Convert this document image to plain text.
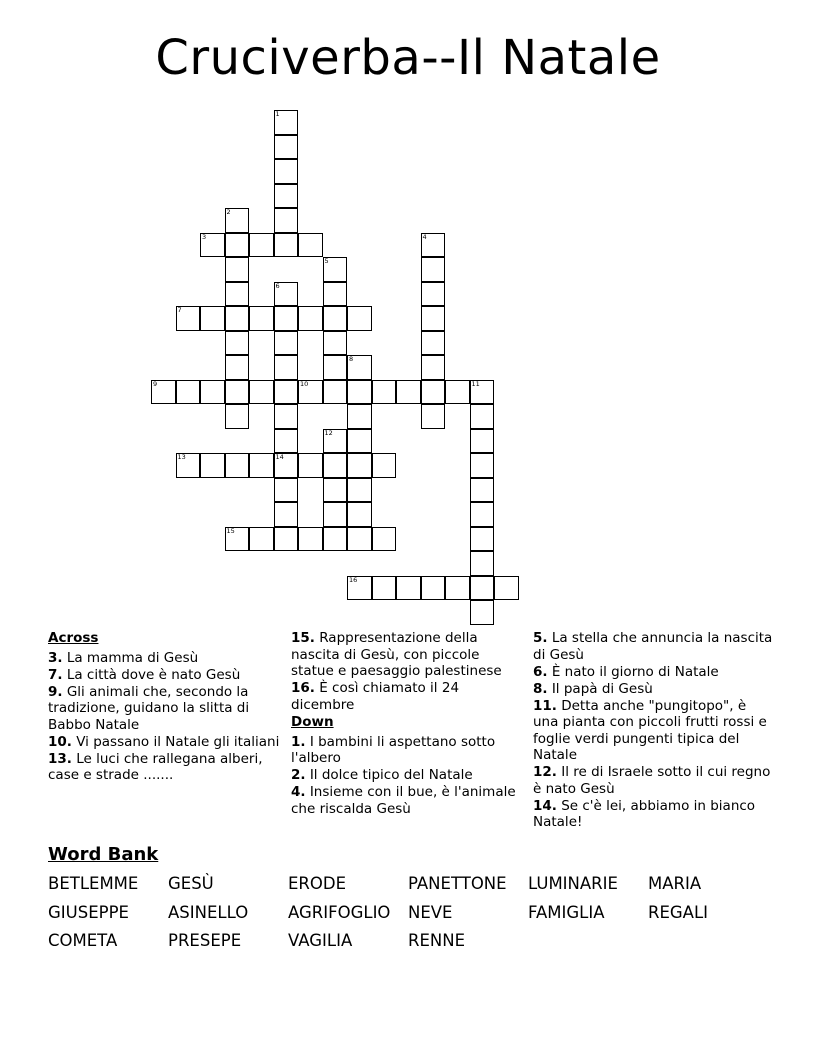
Cruciverba--Il Natale
1
2
3	4
5
6
14
7
8
9	10	11
12
13
15
16

Across

3. La mamma di Gesù

7. La città dove è nato Gesù

9. Gli animali che, secondo la tradizione, guidano la slitta di Babbo Natale

10. Vi passano il Natale gli italiani

13. Le luci che rallegana alberi, case e strade .......

15. Rappresentazione della nascita di Gesù, con piccole statue e paesaggio palestinese

16. È così chiamato il 24 dicembre

Down

1. I bambini li aspettano sotto l'albero

2. Il dolce tipico del Natale

4. Insieme con il bue, è l'animale che riscalda Gesù

5. La stella che annuncia la nascita di Gesù

6. È nato il giorno di Natale

8. Il papà di Gesù

11. Detta anche "pungitopo", è una pianta con piccoli frutti rossi e foglie verdi pungenti tipica del Natale

12. Il re di Israele sotto il cui regno è nato Gesù

14. Se c'è lei, abbiamo in bianco Natale!

Word Bank
BETLEMME GESÙ	ERODE	PANETTONE LUMINARIE MARIA
GIUSEPPE ASINELLO AGRIFOGLIO NEVE	FAMIGLIA	REGALI
COMETA	PRESEPE	VAGILIA	RENNE
